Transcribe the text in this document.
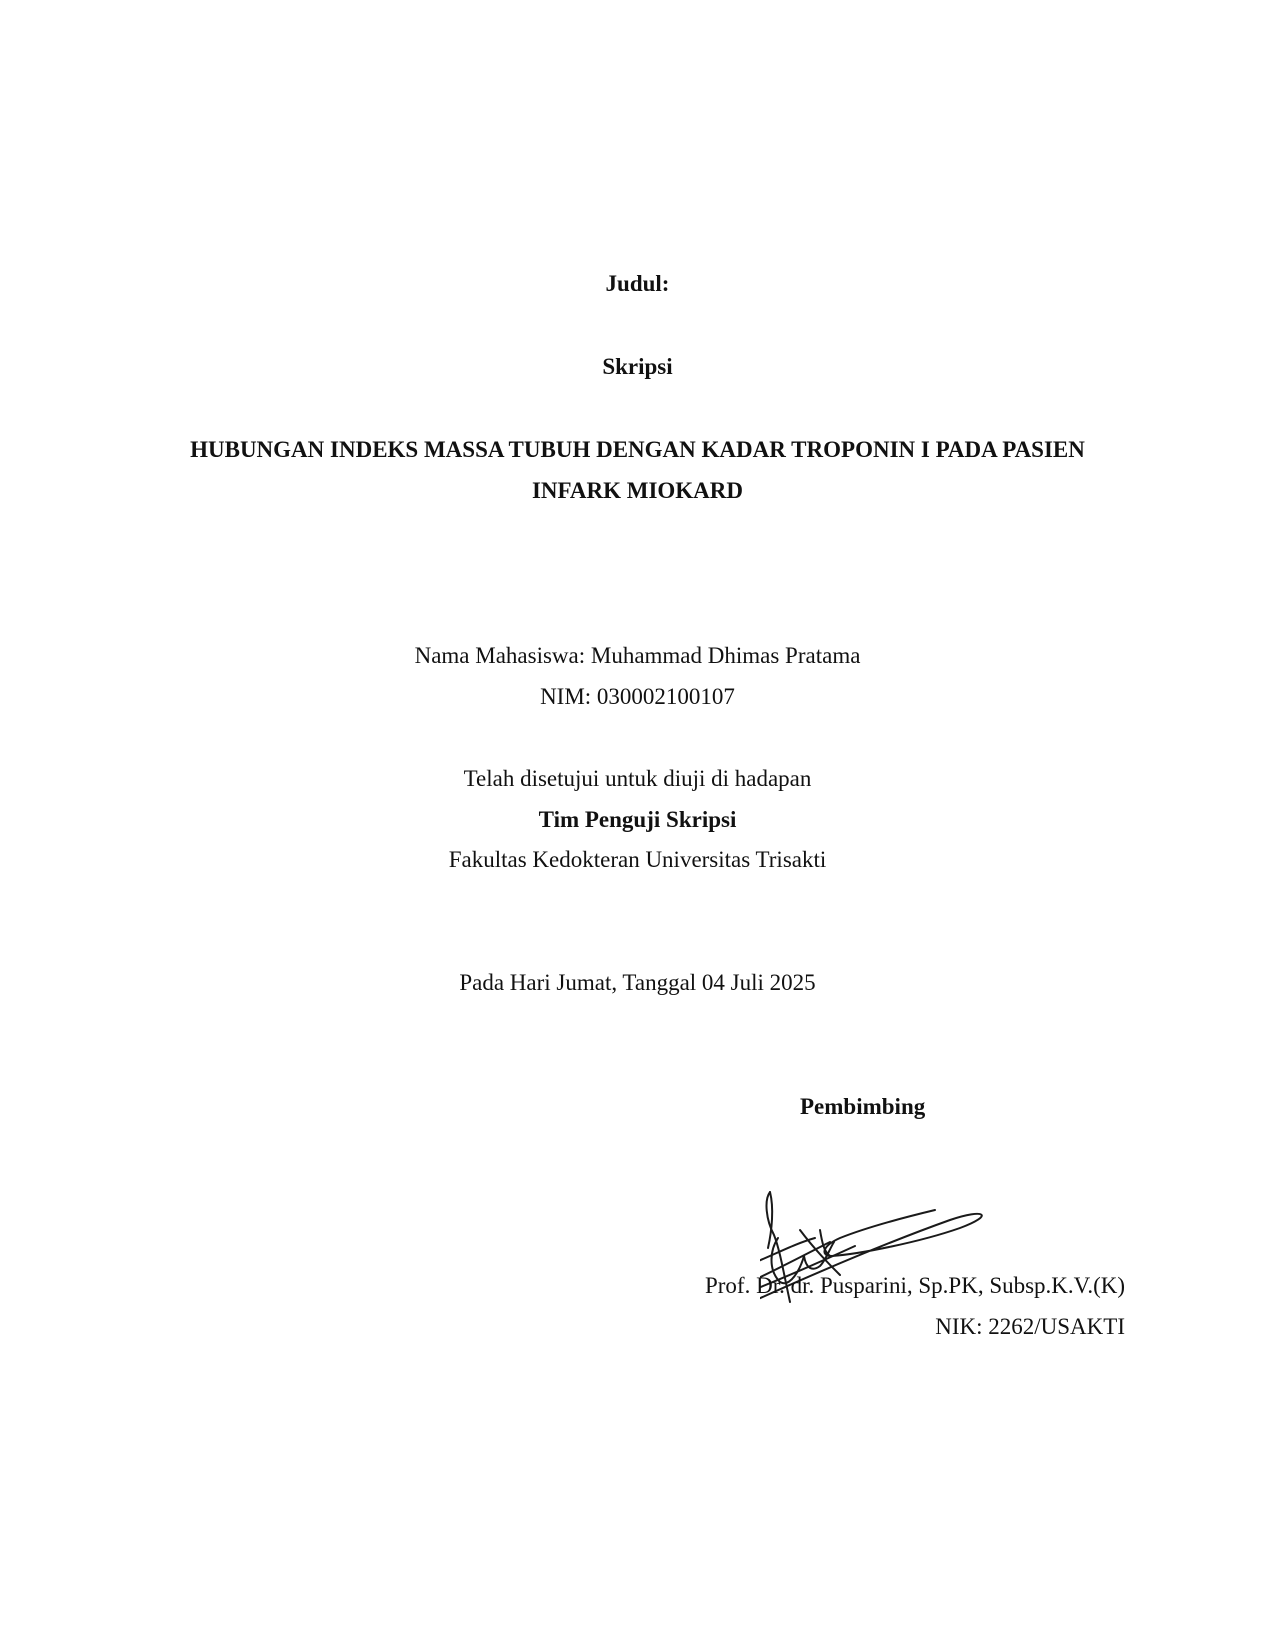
Judul:
Skripsi
HUBUNGAN INDEKS MASSA TUBUH DENGAN KADAR TROPONIN I PADA PASIEN
INFARK MIOKARD
Nama Mahasiswa: Muhammad Dhimas Pratama
NIM: 030002100107
Telah disetujui untuk diuji di hadapan
Tim Penguji Skripsi
Fakultas Kedokteran Universitas Trisakti
Pada Hari Jumat, Tanggal 04 Juli 2025
Pembimbing
Prof. Dr. dr. Pusparini, Sp.PK, Subsp.K.V.(K)
NIK: 2262/USAKTI
